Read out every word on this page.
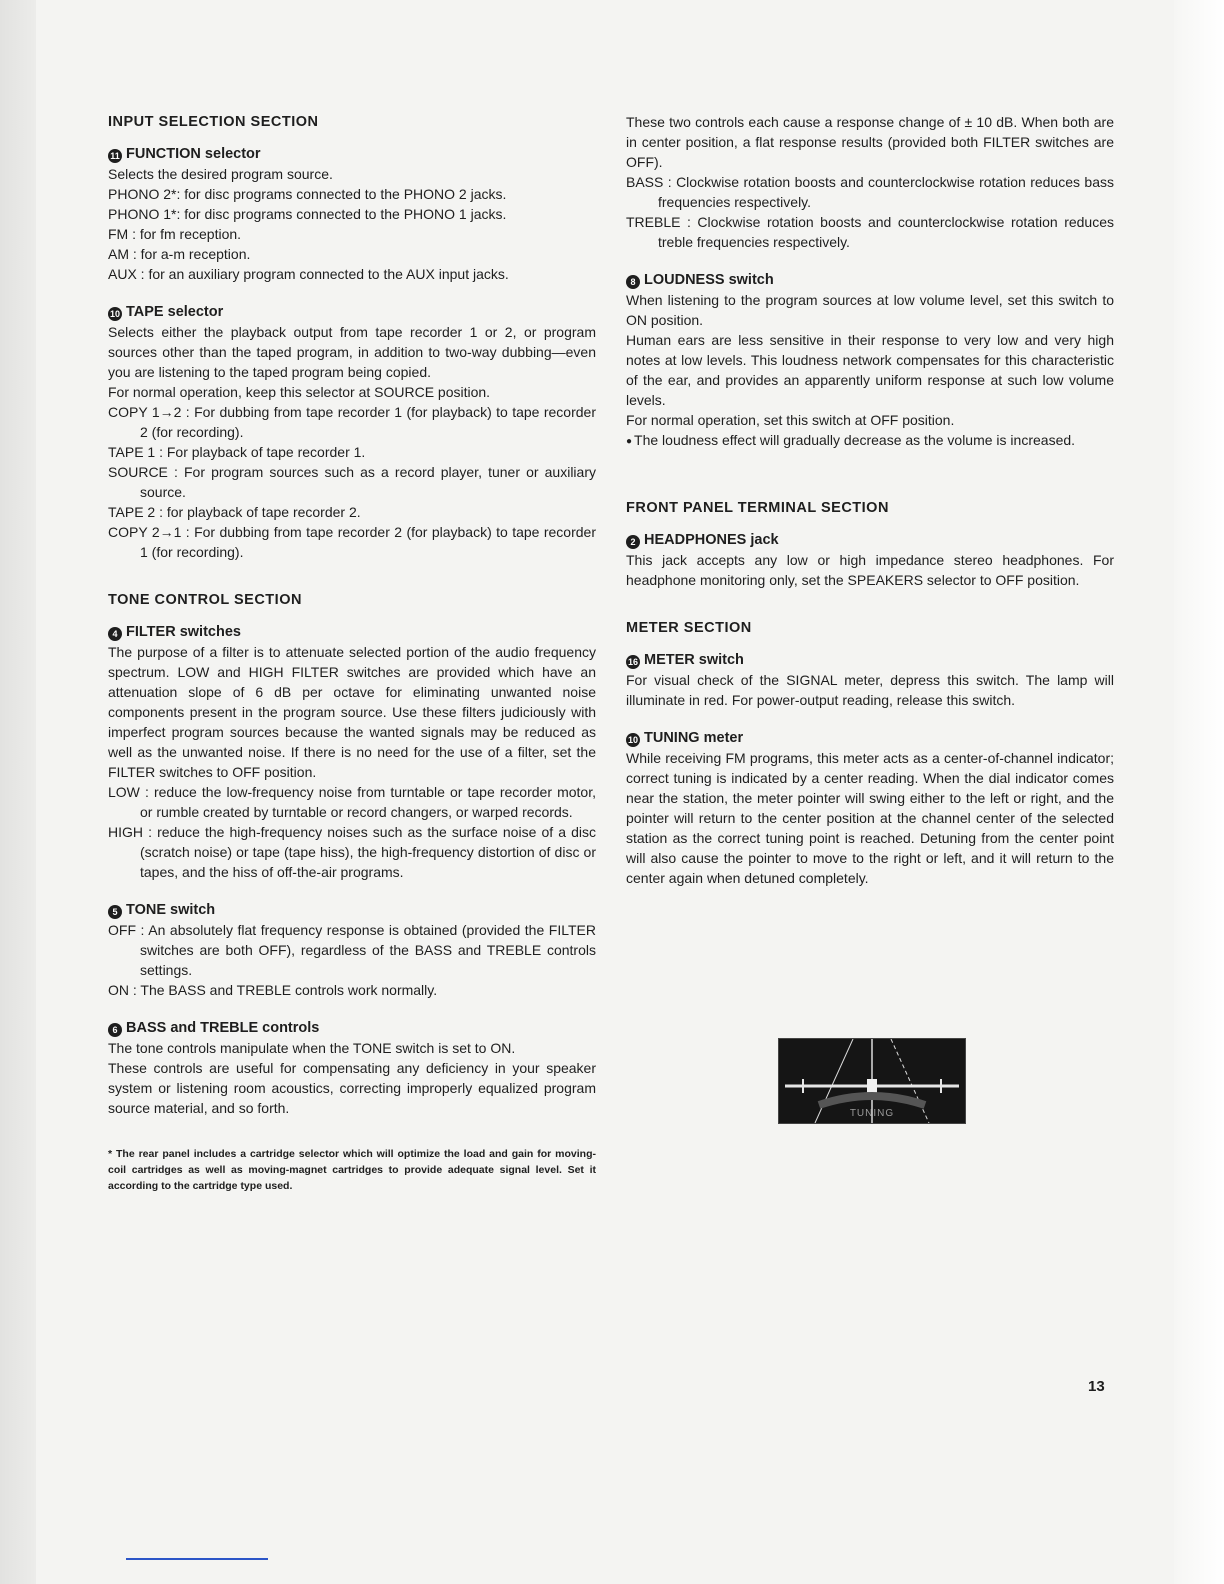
INPUT SELECTION SECTION
11 FUNCTION selector

Selects the desired program source.

PHONO 2*: for disc programs connected to the PHONO 2 jacks.
PHONO 1*: for disc programs connected to the PHONO 1 jacks.
FM : for fm reception.
AM : for a-m reception.
AUX : for an auxiliary program connected to the AUX input jacks.
10 TAPE selector

Selects either the playback output from tape recorder 1 or 2, or program sources other than the taped program, in addition to two-way dubbing—even you are listening to the taped program being copied.

For normal operation, keep this selector at SOURCE position.

COPY 1→2 : For dubbing from tape recorder 1 (for playback) to tape recorder 2 (for recording).
TAPE 1 : For playback of tape recorder 1.
SOURCE : For program sources such as a record player, tuner or auxiliary source.
TAPE 2 : for playback of tape recorder 2.
COPY 2→1 : For dubbing from tape recorder 2 (for playback) to tape recorder 1 (for recording).
TONE CONTROL SECTION
4 FILTER switches

The purpose of a filter is to attenuate selected portion of the audio frequency spectrum. LOW and HIGH FILTER switches are provided which have an attenuation slope of 6 dB per octave for eliminating unwanted noise components present in the program source. Use these filters judiciously with imperfect program sources because the wanted signals may be reduced as well as the unwanted noise. If there is no need for the use of a filter, set the FILTER switches to OFF position.

LOW : reduce the low-frequency noise from turntable or tape recorder motor, or rumble created by turntable or record changers, or warped records.
HIGH : reduce the high-frequency noises such as the surface noise of a disc (scratch noise) or tape (tape hiss), the high-frequency distortion of disc or tapes, and the hiss of off-the-air programs.
5 TONE switch
OFF : An absolutely flat frequency response is obtained (provided the FILTER switches are both OFF), regardless of the BASS and TREBLE controls settings.
ON : The BASS and TREBLE controls work normally.
6 BASS and TREBLE controls

The tone controls manipulate when the TONE switch is set to ON.

These controls are useful for compensating any deficiency in your speaker system or listening room acoustics, correcting improperly equalized program source material, and so forth.

* The rear panel includes a cartridge selector which will optimize the load and gain for moving-coil cartridges as well as moving-magnet cartridges to provide adequate signal level. Set it according to the cartridge type used.

These two controls each cause a response change of ± 10 dB. When both are in center position, a flat response results (provided both FILTER switches are OFF).

BASS : Clockwise rotation boosts and counterclockwise rotation reduces bass frequencies respectively.
TREBLE : Clockwise rotation boosts and counterclockwise rotation reduces treble frequencies respectively.
8 LOUDNESS switch

When listening to the program sources at low volume level, set this switch to ON position.

Human ears are less sensitive in their response to very low and very high notes at low levels. This loudness network compensates for this characteristic of the ear, and provides an apparently uniform response at such low volume levels.

For normal operation, set this switch at OFF position.

● The loudness effect will gradually decrease as the volume is increased.

FRONT PANEL TERMINAL SECTION
2 HEADPHONES jack

This jack accepts any low or high impedance stereo headphones. For headphone monitoring only, set the SPEAKERS selector to OFF position.

METER SECTION
16 METER switch

For visual check of the SIGNAL meter, depress this switch. The lamp will illuminate in red. For power-output reading, release this switch.

10 TUNING meter

While receiving FM programs, this meter acts as a center-of-channel indicator; correct tuning is indicated by a center reading. When the dial indicator comes near the station, the meter pointer will swing either to the left or right, and the pointer will return to the center position at the channel center of the selected station as the correct tuning point is reached. Detuning from the center point will also cause the pointer to move to the right or left, and it will return to the center again when detuned completely.

TUNING
13
